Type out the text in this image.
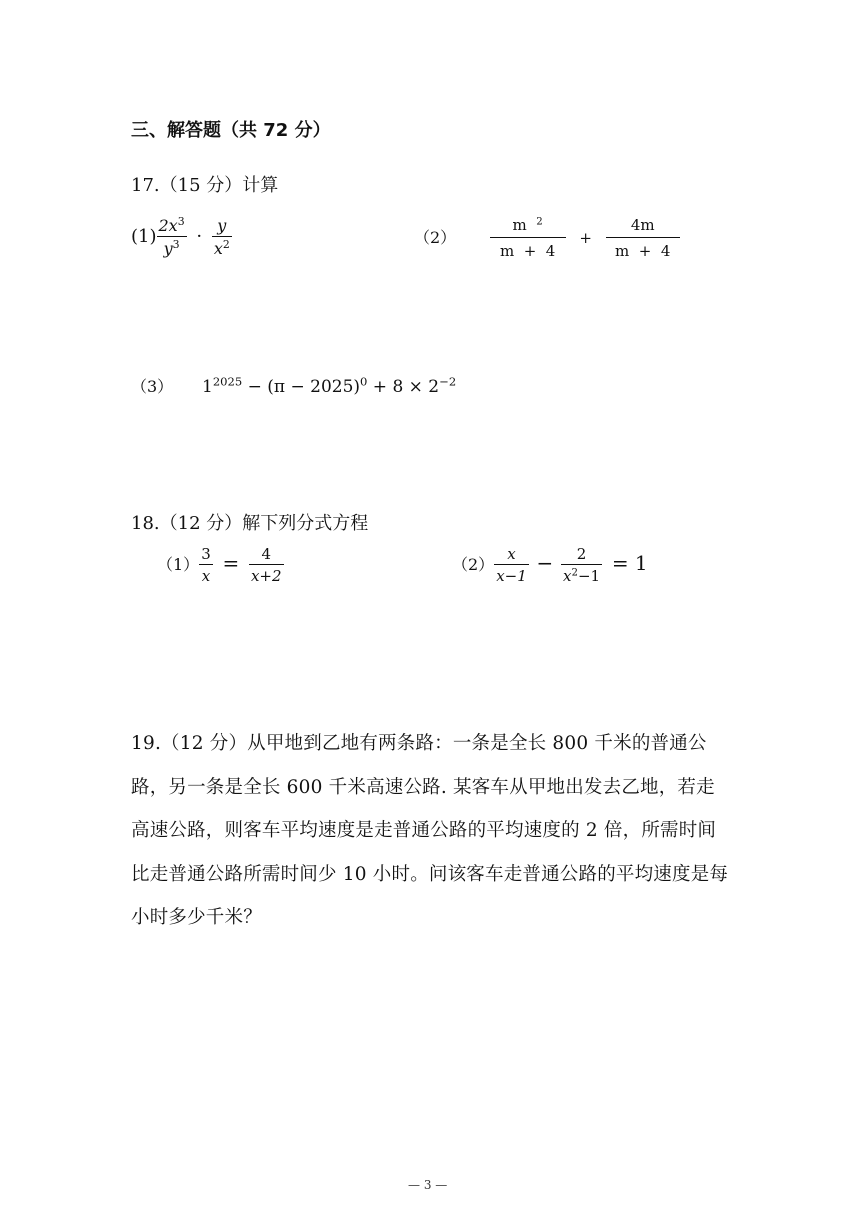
三、解答题（共 72 分）
17.（15 分）计算
$(1) \frac{2x^3}{y^3} \cdot \frac{y}{x^2}$	$(2) \frac{m ^2}{m + 4} + \frac{4m}{m + 4}$
（3） $1^{2025} - (\pi - 2025)^0 + 8 \times 2^{-2}$
18.（12 分）解下列分式方程
$(1) \frac{3}{x} = \frac{4}{x+2}$	$(2) \frac{x}{x-1} - \frac{2}{x^2-1} = 1$
19.（12 分）从甲地到乙地有两条路：一条是全长 800 千米的普通公路，另一条是全长 600 千米高速公路. 某客车从甲地出发去乙地，若走高速公路，则客车平均速度是走普通公路的平均速度的 2 倍，所需时间比走普通公路所需时间少 10 小时。问该客车走普通公路的平均速度是每小时多少千米？
— 3 —
